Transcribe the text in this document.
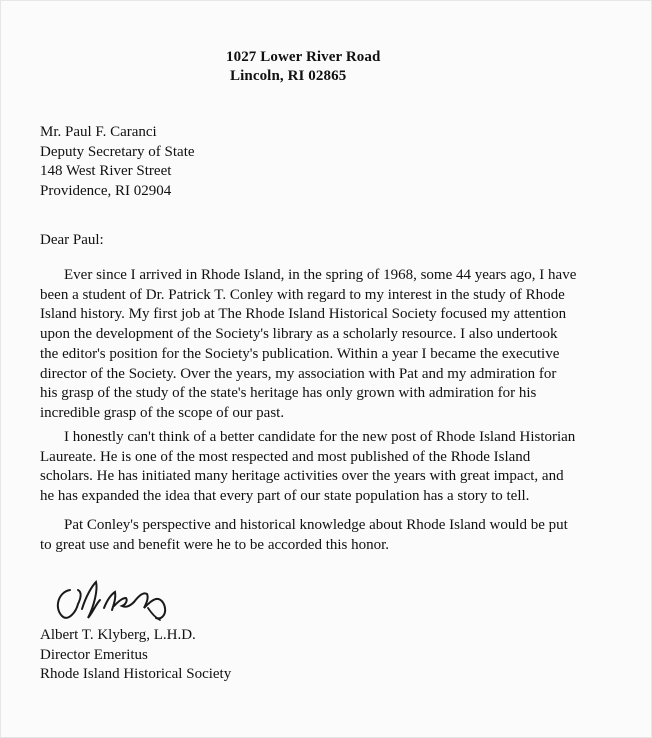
1027 Lower River Road
Lincoln, RI 02865
Mr. Paul F. Caranci
Deputy Secretary of State
148 West River Street
Providence, RI 02904
Dear Paul:
Ever since I arrived in Rhode Island, in the spring of 1968, some 44 years ago, I have
been a student of Dr. Patrick T. Conley with regard to my interest in the study of Rhode
Island history. My first job at The Rhode Island Historical Society focused my attention
upon the development of the Society's library as a scholarly resource. I also undertook
the editor's position for the Society's publication. Within a year I became the executive
director of the Society. Over the years, my association with Pat and my admiration for
his grasp of the study of the state's heritage has only grown with admiration for his
incredible grasp of the scope of our past.
I honestly can't think of a better candidate for the new post of Rhode Island Historian
Laureate. He is one of the most respected and most published of the Rhode Island
scholars. He has initiated many heritage activities over the years with great impact, and
he has expanded the idea that every part of our state population has a story to tell.
Pat Conley's perspective and historical knowledge about Rhode Island would be put
to great use and benefit were he to be accorded this honor.
Albert T. Klyberg, L.H.D.
Director Emeritus
Rhode Island Historical Society
